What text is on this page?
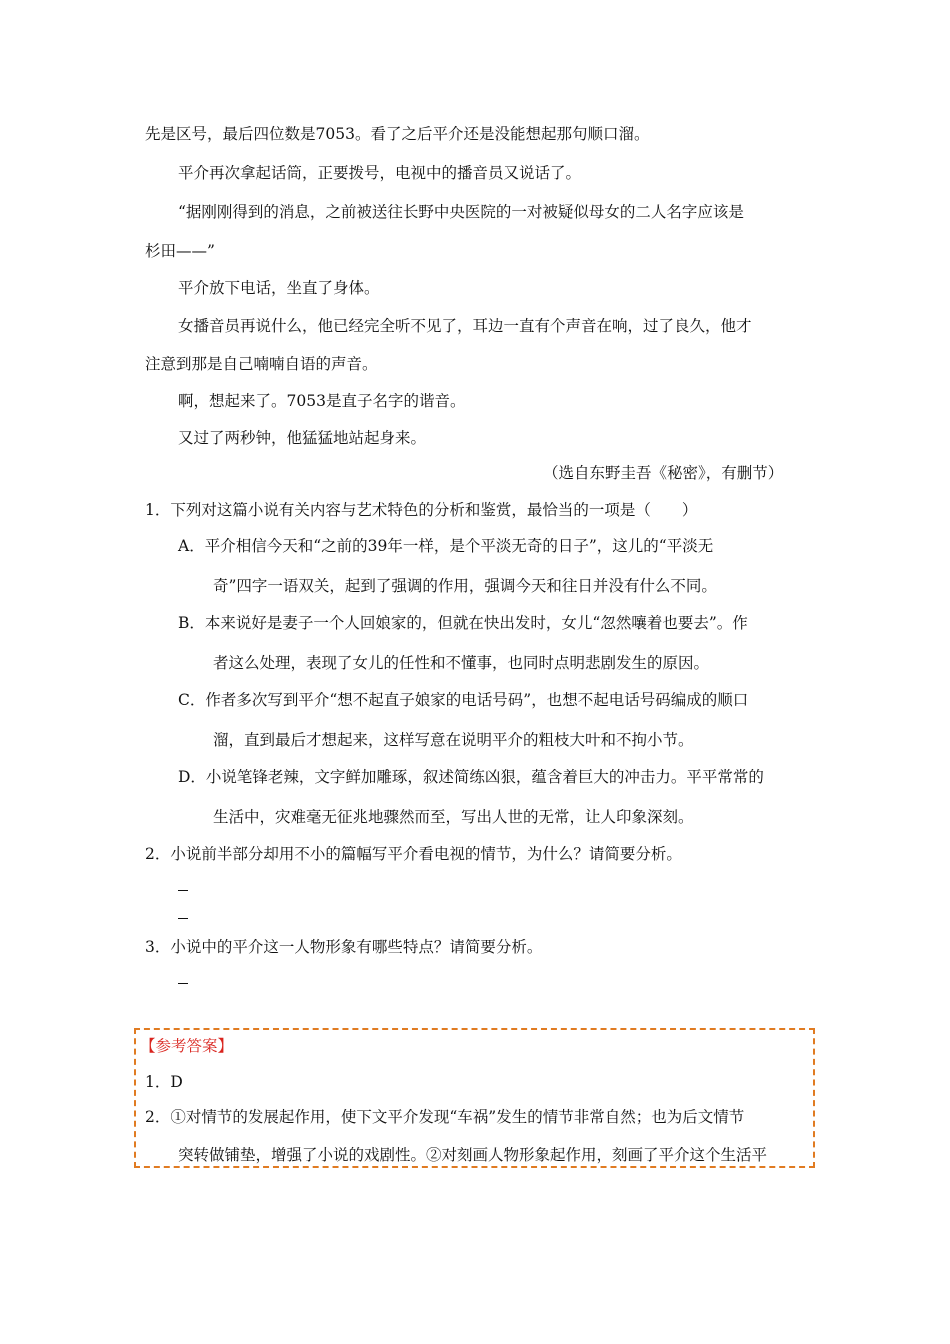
先是区号，最后四位数是7053。看了之后平介还是没能想起那句顺口溜。
平介再次拿起话筒，正要拨号，电视中的播音员又说话了。
“据刚刚得到的消息，之前被送往长野中央医院的一对被疑似母女的二人名字应该是
杉田——”
平介放下电话，坐直了身体。
女播音员再说什么，他已经完全听不见了，耳边一直有个声音在响，过了良久，他才
注意到那是自己喃喃自语的声音。
啊，想起来了。7053是直子名字的谐音。
又过了两秒钟，他猛猛地站起身来。
（选自东野圭吾《秘密》，有删节）
1．下列对这篇小说有关内容与艺术特色的分析和鉴赏，最恰当的一项是（　　）
A．平介相信今天和“之前的39年一样，是个平淡无奇的日子”，这儿的“平淡无
奇”四字一语双关，起到了强调的作用，强调今天和往日并没有什么不同。
B．本来说好是妻子一个人回娘家的，但就在快出发时，女儿“忽然嚷着也要去”。作
者这么处理，表现了女儿的任性和不懂事，也同时点明悲剧发生的原因。
C．作者多次写到平介“想不起直子娘家的电话号码”，也想不起电话号码编成的顺口
溜，直到最后才想起来，这样写意在说明平介的粗枝大叶和不拘小节。
D．小说笔锋老辣，文字鲜加雕琢，叙述简练凶狠，蕴含着巨大的冲击力。平平常常的
生活中，灾难毫无征兆地骤然而至，写出人世的无常，让人印象深刻。
2．小说前半部分却用不小的篇幅写平介看电视的情节，为什么？请简要分析。
3．小说中的平介这一人物形象有哪些特点？请简要分析。
【参考答案】
1．D
2．①对情节的发展起作用，使下文平介发现“车祸”发生的情节非常自然；也为后文情节
突转做铺垫，增强了小说的戏剧性。②对刻画人物形象起作用，刻画了平介这个生活平
